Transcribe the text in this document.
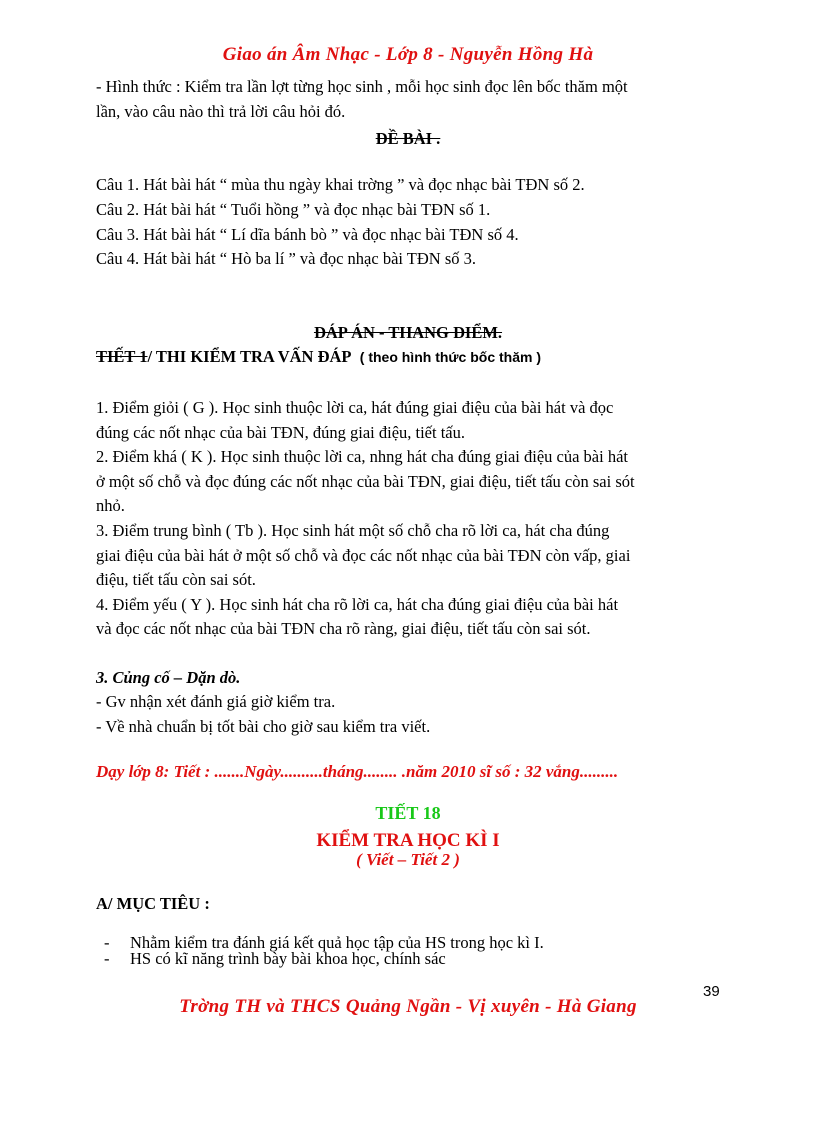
Giao án Âm Nhạc - Lớp 8 - Nguyễn Hồng Hà
- Hình thức : Kiểm tra lần lợt từng học sinh , mỗi học sinh đọc lên bốc thăm một
lần, vào câu nào thì trả lời câu hỏi đó.
ĐỀ BÀI .
Câu 1. Hát bài hát “ mùa thu ngày khai trờng ” và đọc nhạc bài TĐN số 2.
Câu 2. Hát bài hát “ Tuổi hồng ” và đọc nhạc bài TĐN số 1.
Câu 3. Hát bài hát “ Lí dĩa bánh bò ” và đọc nhạc bài TĐN số 4.
Câu 4. Hát bài hát “ Hò ba lí ” và đọc nhạc bài TĐN số 3.
ĐÁP ÁN - THANG ĐIỂM.
TIẾT 1/ THI KIỂM TRA VẤN ĐÁP ( theo hình thức bốc thăm )
1. Điểm giỏi ( G ). Học sinh thuộc lời ca, hát đúng giai điệu của bài hát và đọc
đúng các nốt nhạc của bài TĐN, đúng giai điệu, tiết tấu.
2. Điểm khá ( K ). Học sinh thuộc lời ca, nhng hát cha đúng giai điệu của bài hát
ở một số chỗ và đọc đúng các nốt nhạc của bài TĐN, giai điệu, tiết tấu còn sai sót
nhỏ.
3. Điểm trung bình ( Tb ). Học sinh hát một số chỗ cha rõ lời ca, hát cha đúng
giai điệu của bài hát ở một số chỗ và đọc các nốt nhạc của bài TĐN còn vấp, giai
điệu, tiết tấu còn sai sót.
4. Điểm yếu ( Y ). Học sinh hát cha rõ lời ca, hát cha đúng giai điệu của bài hát
và đọc các nốt nhạc của bài TĐN cha rõ ràng, giai điệu, tiết tấu còn sai sót.
3. Củng cố – Dặn dò.
- Gv nhận xét đánh giá giờ kiểm tra.
- Về nhà chuẩn bị tốt bài cho giờ sau kiểm tra viết.
Dạy lớp 8: Tiết : .......Ngày..........tháng........ .năm 2010 sĩ số : 32 vắng.........
TIẾT 18
KIỂM TRA HỌC KÌ I
( Viết – Tiết 2 )
A/ MỤC TIÊU :
- Nhằm kiểm tra đánh giá kết quả học tập của HS trong học kì I.
- HS có kĩ năng trình bày bài khoa học, chính sác
39
Trờng TH và THCS Quảng Ngần - Vị xuyên - Hà Giang
